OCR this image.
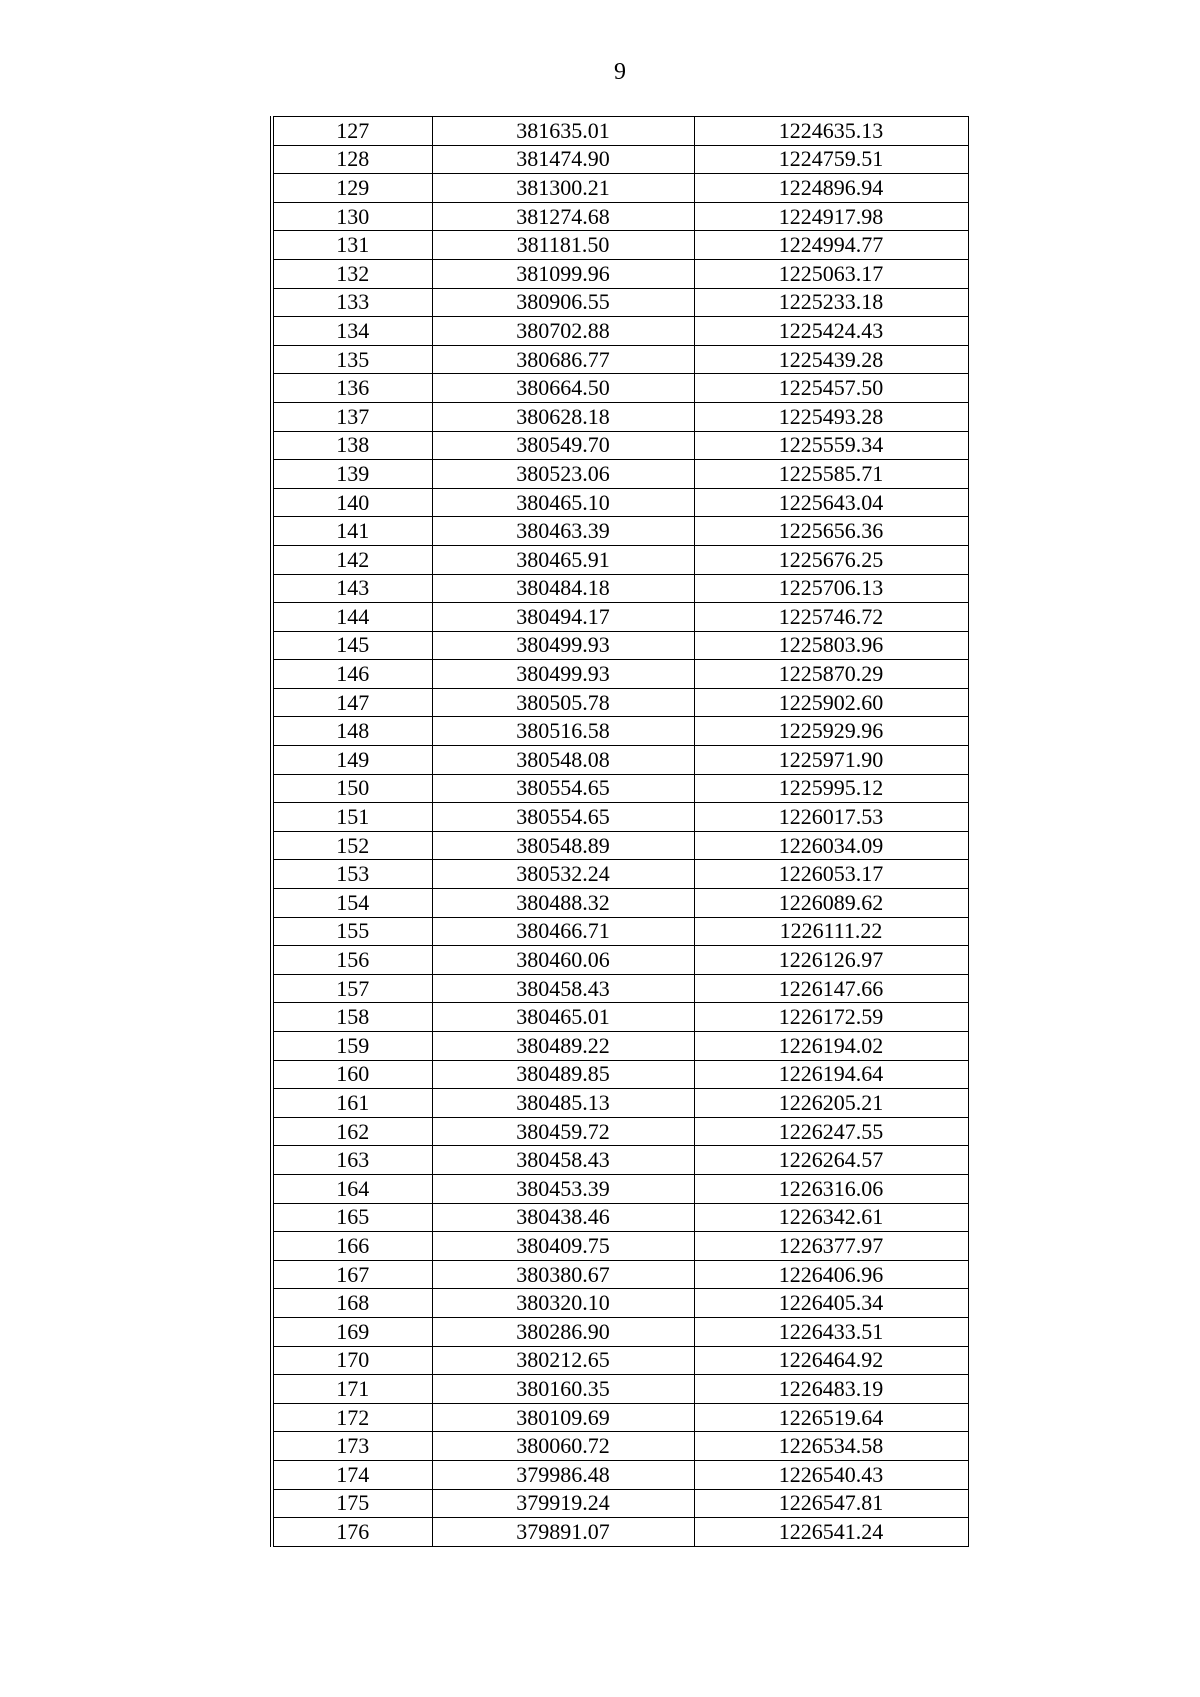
9
127	381635.01	1224635.13
128	381474.90	1224759.51
129	381300.21	1224896.94
130	381274.68	1224917.98
131	381181.50	1224994.77
132	381099.96	1225063.17
133	380906.55	1225233.18
134	380702.88	1225424.43
135	380686.77	1225439.28
136	380664.50	1225457.50
137	380628.18	1225493.28
138	380549.70	1225559.34
139	380523.06	1225585.71
140	380465.10	1225643.04
141	380463.39	1225656.36
142	380465.91	1225676.25
143	380484.18	1225706.13
144	380494.17	1225746.72
145	380499.93	1225803.96
146	380499.93	1225870.29
147	380505.78	1225902.60
148	380516.58	1225929.96
149	380548.08	1225971.90
150	380554.65	1225995.12
151	380554.65	1226017.53
152	380548.89	1226034.09
153	380532.24	1226053.17
154	380488.32	1226089.62
155	380466.71	1226111.22
156	380460.06	1226126.97
157	380458.43	1226147.66
158	380465.01	1226172.59
159	380489.22	1226194.02
160	380489.85	1226194.64
161	380485.13	1226205.21
162	380459.72	1226247.55
163	380458.43	1226264.57
164	380453.39	1226316.06
165	380438.46	1226342.61
166	380409.75	1226377.97
167	380380.67	1226406.96
168	380320.10	1226405.34
169	380286.90	1226433.51
170	380212.65	1226464.92
171	380160.35	1226483.19
172	380109.69	1226519.64
173	380060.72	1226534.58
174	379986.48	1226540.43
175	379919.24	1226547.81
176	379891.07	1226541.24
